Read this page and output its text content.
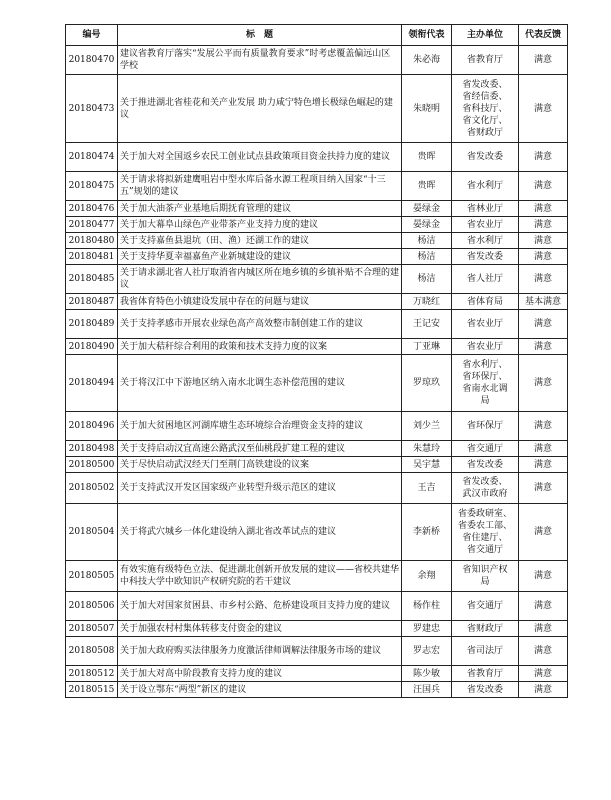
编号	标　题	领衔代表	主办单位	代表反馈
20180470	建议省教育厅落实“发展公平而有质量教育要求”时考虑覆盖偏远山区学校	朱必海	省教育厅	满意
20180473	关于推进湖北省桂花和关产业发展 助力咸宁特色增长极绿色崛起的建议	朱晓明	省发改委、
省经信委、
省科技厅、
省文化厅、
省财政厅	满意
20180474	关于加大对全国返乡农民工创业试点县政策项目资金扶持力度的建议	贵晖	省发改委	满意
20180475	关于请求将拟新建鹰咀岩中型水库后备水源工程项目纳入国家“十三五”规划的建议	贵晖	省水利厅	满意
20180476	关于加大油茶产业基地后期抚育管理的建议	晏绿金	省林业厅	满意
20180477	关于加大幕阜山绿色产业带茶产业支持力度的建议	晏绿金	省农业厅	满意
20180480	关于支持嘉鱼县退坑（田、渔）还湖工作的建议	杨洁	省水利厅	满意
20180481	关于支持华夏幸福嘉鱼产业新城建设的建议	杨洁	省发改委	满意
20180485	关于请求湖北省人社厅取消省内城区所在地乡镇的乡镇补贴不合理的建议	杨洁	省人社厅	满意
20180487	我省体育特色小镇建设发展中存在的问题与建议	万晓红	省体育局	基本满意
20180489	关于支持孝感市开展农业绿色高产高效整市制创建工作的建议	王记安	省农业厅	满意
20180490	关于加大秸秆综合利用的政策和技术支持力度的议案	丁亚琳	省农业厅	满意
20180494	关于将汉江中下游地区纳入南水北调生态补偿范围的建议	罗琼玖	省水利厅、
省环保厅、
省南水北调
局	满意
20180496	关于加大贫困地区河湖库塘生态环境综合治理资金支持的建议	刘少兰	省环保厅	满意
20180498	关于支持启动汉宜高速公路武汉至仙桃段扩建工程的建议	朱慧玲	省交通厅	满意
20180500	关于尽快启动武汉经天门至荆门高铁建设的议案	吴宇慧	省发改委	满意
20180502	关于支持武汉开发区国家级产业转型升级示范区的建议	王吉	省发改委、
武汉市政府	满意
20180504	关于将武穴城乡一体化建设纳入湖北省改革试点的建议	李新桥	省委政研室、
省委农工部、
省住建厅、
省交通厅	满意
20180505	有效实施有级特色立法、促进湖北创新开放发展的建议——省校共建华中科技大学中欧知识产权研究院的若干建议	余翔	省知识产权
局	满意
20180506	关于加大对国家贫困县、市乡村公路、危桥建设项目支持力度的建议	杨作柱	省交通厅	满意
20180507	关于加强农村村集体转移支付资金的建议	罗建忠	省财政厅	满意
20180508	关于加大政府购买法律服务力度激活律师调解法律服务市场的建议	罗志宏	省司法厅	满意
20180512	关于加大对高中阶段教育支持力度的建议	陈少敏	省教育厅	满意
20180515	关于设立鄂东“两型”新区的建议	汪国兵	省发改委	满意
